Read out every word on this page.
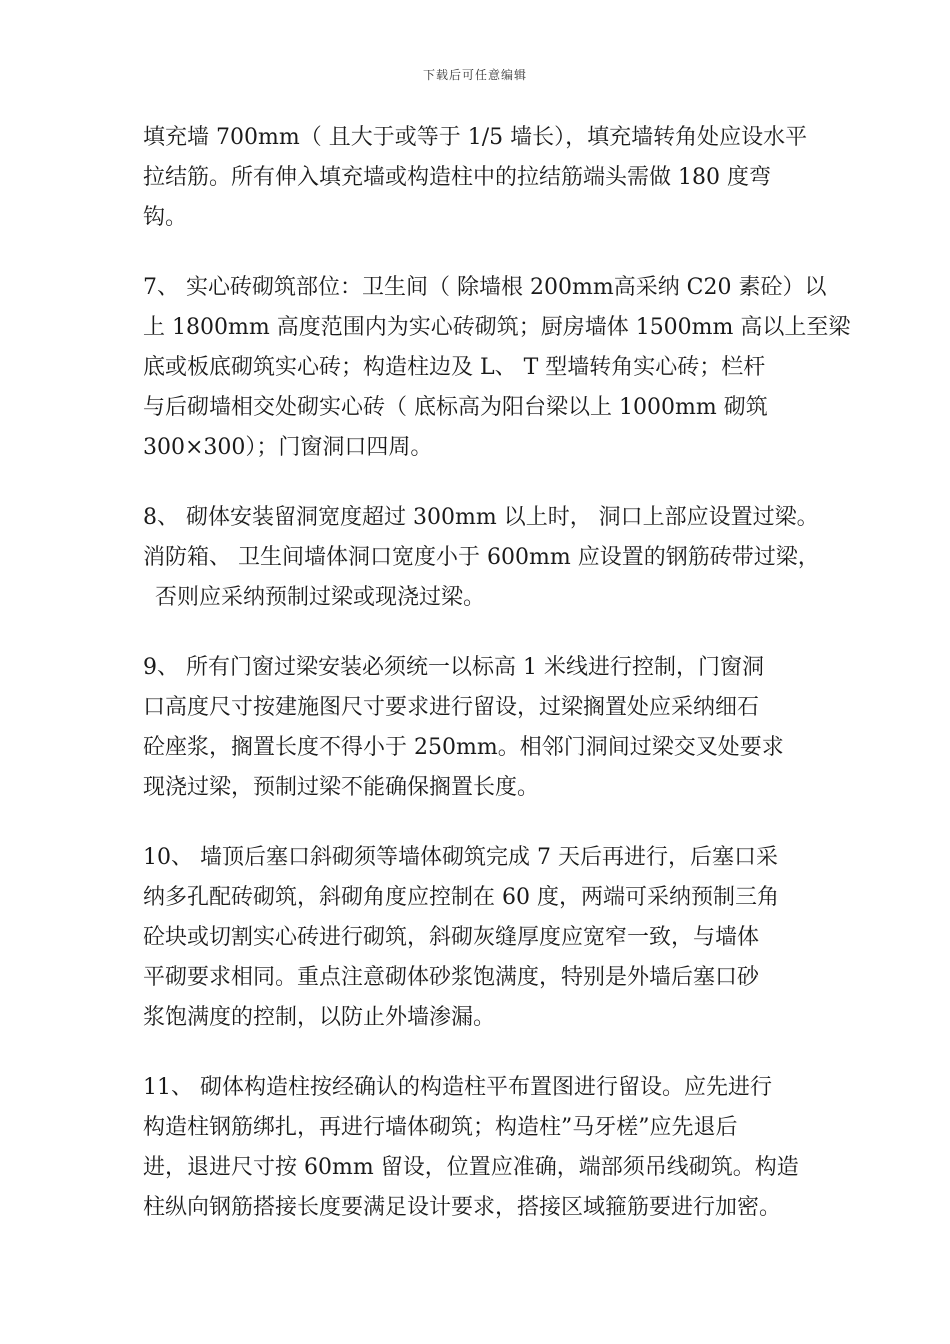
下载后可任意编辑

填充墙 700mm（ 且大于或等于 1/5 墙长），填充墙转角处应设水平
拉结筋。所有伸入填充墙或构造柱中的拉结筋端头需做 180 度弯
钩。

7、 实心砖砌筑部位：卫生间（ 除墙根 200mm高采纳 C20 素砼）以
上 1800mm 高度范围内为实心砖砌筑；厨房墙体 1500mm 高以上至梁
底或板底砌筑实心砖；构造柱边及 L、 T 型墙转角实心砖；栏杆
与后砌墙相交处砌实心砖（ 底标高为阳台梁以上 1000mm 砌筑
300×300）；门窗洞口四周。

8、 砌体安装留洞宽度超过 300mm 以上时， 洞口上部应设置过梁。
消防箱、 卫生间墙体洞口宽度小于 600mm 应设置的钢筋砖带过梁，
否则应采纳预制过梁或现浇过梁。

9、 所有门窗过梁安装必须统一以标高 1 米线进行控制，门窗洞
口高度尺寸按建施图尺寸要求进行留设，过梁搁置处应采纳细石
砼座浆，搁置长度不得小于 250mm。相邻门洞间过梁交叉处要求
现浇过梁，预制过梁不能确保搁置长度。

10、 墙顶后塞口斜砌须等墙体砌筑完成 7 天后再进行，后塞口采
纳多孔配砖砌筑，斜砌角度应控制在 60 度，两端可采纳预制三角
砼块或切割实心砖进行砌筑，斜砌灰缝厚度应宽窄一致，与墙体
平砌要求相同。重点注意砌体砂浆饱满度，特别是外墙后塞口砂
浆饱满度的控制，以防止外墙渗漏。

11、 砌体构造柱按经确认的构造柱平布置图进行留设。应先进行
构造柱钢筋绑扎，再进行墙体砌筑；构造柱”马牙槎”应先退后
进，退进尺寸按 60mm 留设，位置应准确，端部须吊线砌筑。构造
柱纵向钢筋搭接长度要满足设计要求，搭接区域箍筋要进行加密。
